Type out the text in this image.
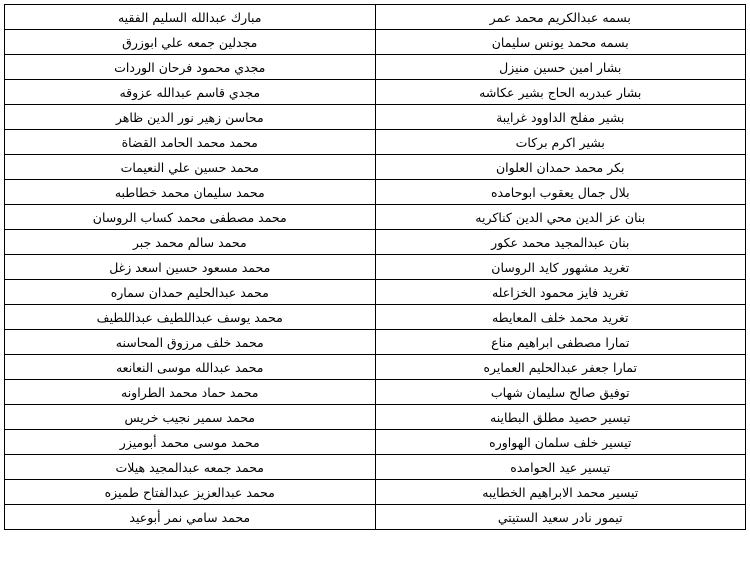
بسمه عبدالكريم محمد عمر	مبارك عبدالله السليم الفقيه
بسمه محمد يونس سليمان	مجدلين جمعه علي ابوزرق
بشار امين حسين منيزل	مجدي محمود فرحان الوردات
بشار عبدربه الحاج بشير عكاشه	مجدي قاسم عبدالله عزوقه
بشير مفلح الداوود غرايبة	محاسن زهير نور الدين ظاهر
بشير اكرم بركات	محمد محمد الحامد القضاة
بكر محمد حمدان العلوان	محمد حسين علي النعيمات
بلال جمال يعقوب ابوحامده	محمد سليمان محمد خطاطبه
بنان عز الدين محي الدين كناكريه	محمد مصطفى محمد كساب الروسان
بنان عبدالمجيد محمد عكور	محمد سالم محمد جبر
تغريد مشهور كايد الروسان	محمد مسعود حسين اسعد زغل
تغريد فايز محمود الخزاعله	محمد عبدالحليم حمدان سماره
تغريد محمد خلف المعايطه	محمد يوسف عبداللطيف عبداللطيف
تمارا مصطفى ابراهيم مناع	محمد خلف مرزوق المحاسنه
تمارا جعفر عبدالحليم العمايره	محمد عبدالله موسى النعانعه
توفيق صالح سليمان شهاب	محمد حماد محمد الطراونه
تيسير حصيد مطلق البطاينه	محمد سمير نجيب خريس
تيسير خلف سلمان الهواوره	محمد موسى محمد أبوميزر
تيسير عيد الحوامده	محمد جمعه عبدالمجيد هيلات
تيسير محمد الابراهيم الخطايبه	محمد عبدالعزيز عبدالفتاح طميزه
تيمور نادر سعيد الستيتي	محمد سامي نمر أبوعيد
